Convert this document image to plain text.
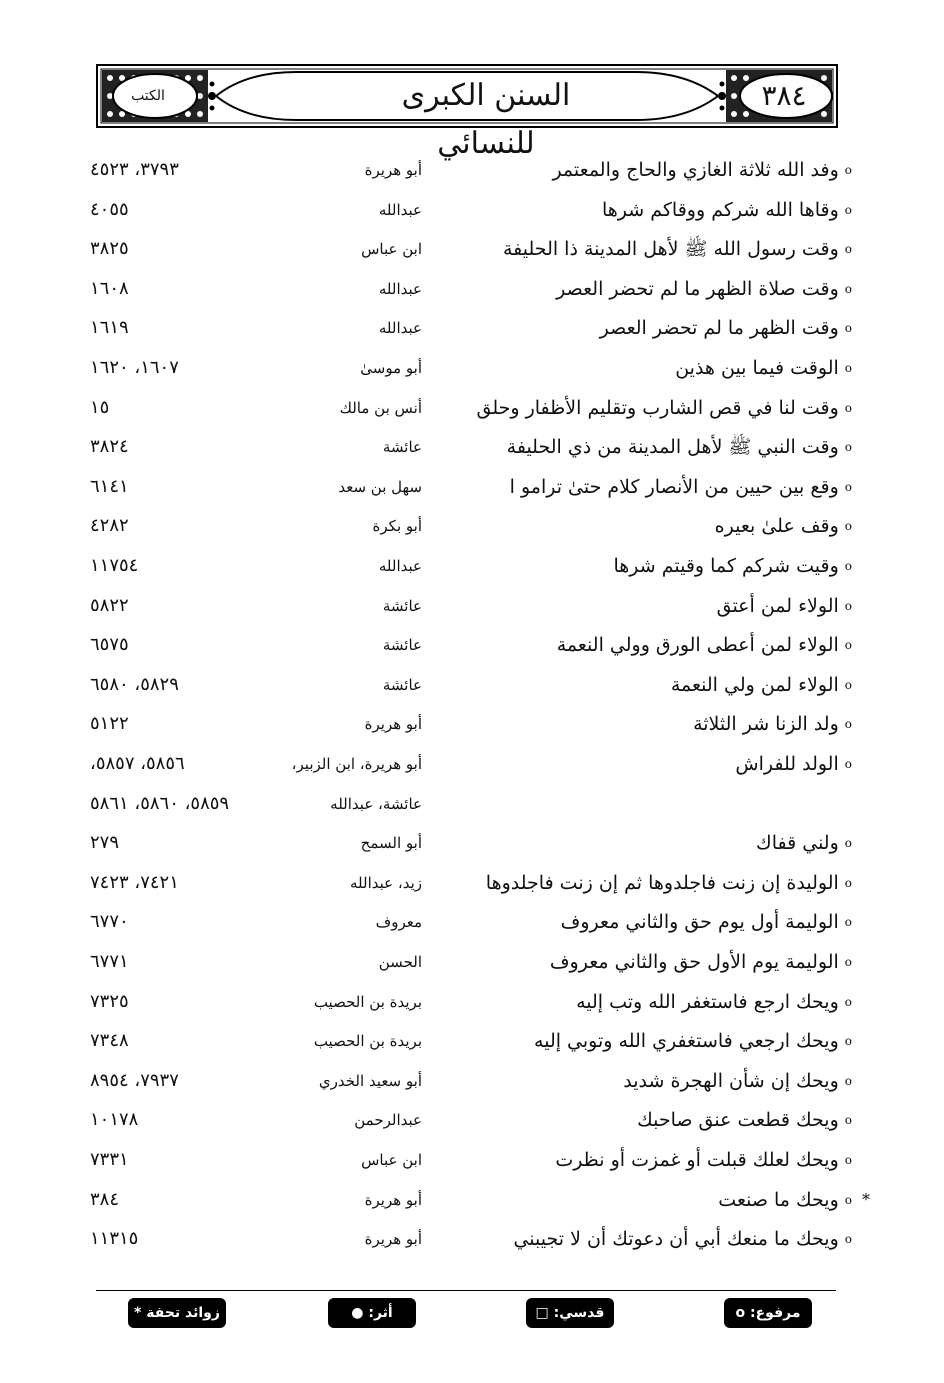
السنن الكبرى للنسائي
٣٨٤
الكتب
oوفد الله ثلاثة الغازي والحاج والمعتمر
أبو هريرة
٣٧٩٣، ٤٥٢٣
oوقاها الله شركم ووقاكم شرها
عبدالله
٤٠٥٥
oوقت رسول الله ﷺ لأهل المدينة ذا الحليفة
ابن عباس
٣٨٢٥
oوقت صلاة الظهر ما لم تحضر العصر
عبدالله
١٦٠٨
oوقت الظهر ما لم تحضر العصر
عبدالله
١٦١٩
oالوقت فيما بين هذين
أبو موسىٰ
١٦٠٧، ١٦٢٠
oوقت لنا في قص الشارب وتقليم الأظفار وحلق
أنس بن مالك
١٥
oوقت النبي ﷺ لأهل المدينة من ذي الحليفة
عائشة
٣٨٢٤
oوقع بين حيين من الأنصار كلام حتىٰ ترامو ا
سهل بن سعد
٦١٤١
oوقف علىٰ بعيره
أبو بكرة
٤٢٨٢
oوقيت شركم كما وقيتم شرها
عبدالله
١١٧٥٤
oالولاء لمن أعتق
عائشة
٥٨٢٢
oالولاء لمن أعطى الورق وولي النعمة
عائشة
٦٥٧٥
oالولاء لمن ولي النعمة
عائشة
٥٨٢٩، ٦٥٨٠
oولد الزنا شر الثلاثة
أبو هريرة
٥١٢٢
oالولد للفراش
أبو هريرة، ابن الزبير،
٥٨٥٦، ٥٨٥٧،
عائشة، عبدالله
٥٨٥٩، ٥٨٦٠، ٥٨٦١
oولني قفاك
أبو السمح
٢٧٩
oالوليدة إن زنت فاجلدوها ثم إن زنت فاجلدوها
زيد، عبدالله
٧٤٢١، ٧٤٢٣
oالوليمة أول يوم حق والثاني معروف
معروف
٦٧٧٠
oالوليمة يوم الأول حق والثاني معروف
الحسن
٦٧٧١
oويحك ارجع فاستغفر الله وتب إليه
بريدة بن الحصيب
٧٣٢٥
oويحك ارجعي فاستغفري الله وتوبي إليه
بريدة بن الحصيب
٧٣٤٨
oويحك إن شأن الهجرة شديد
أبو سعيد الخدري
٧٩٣٧، ٨٩٥٤
oويحك قطعت عنق صاحبك
عبدالرحمن
١٠١٧٨
oويحك لعلك قبلت أو غمزت أو نظرت
ابن عباس
٧٣٣١
oويحك ما صنعت	*
أبو هريرة
٣٨٤
oويحك ما منعك أبي أن دعوتك أن لا تجيبني
أبو هريرة
١١٣١٥
مرفوع: o
قدسي: □
أثر: ●
زوائد تحفة *
